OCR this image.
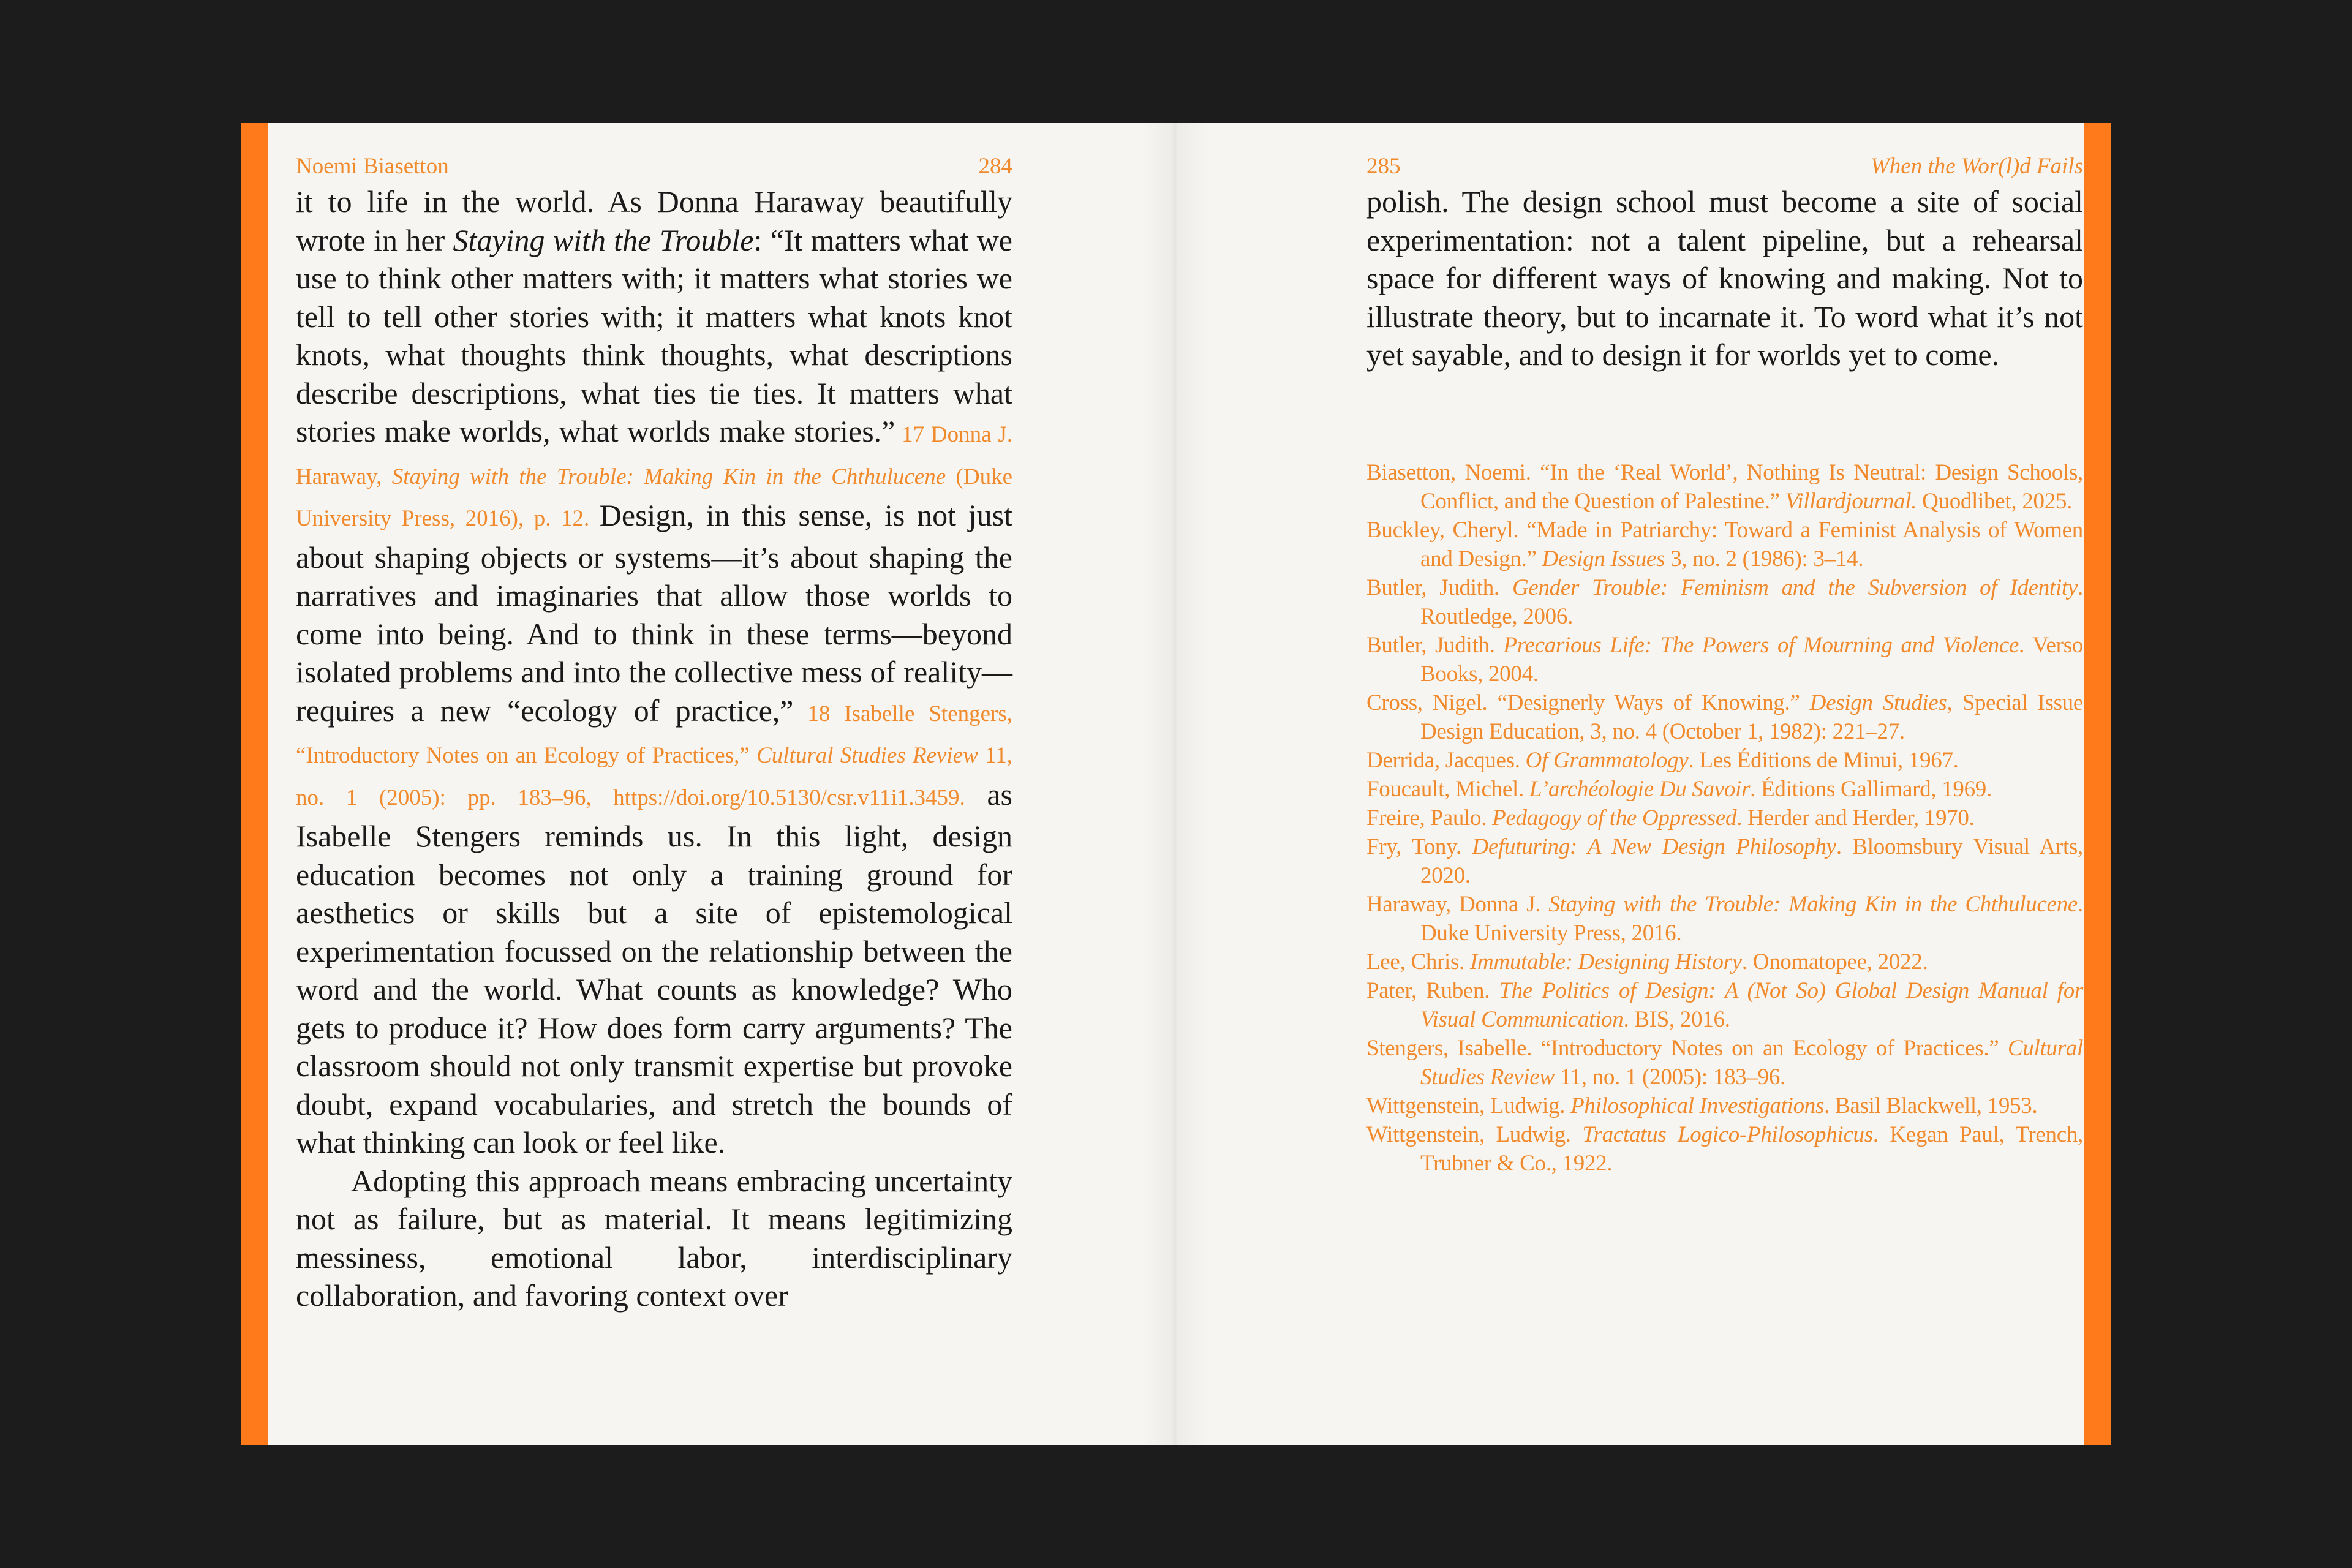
Noemi Biasetton	284

it to life in the world. As Donna Haraway beautifully wrote in her Staying with the Trouble: “It matters what we use to think other matters with; it matters what stories we tell to tell other stories with; it matters what knots knot knots, what thoughts think thoughts, what descriptions describe descriptions, what ties tie ties. It matters what stories make worlds, what worlds make stories.” 17 Donna J. Haraway, Staying with the Trouble: Making Kin in the Chthulucene (Duke University Press, 2016), p. 12. Design, in this sense, is not just about shaping objects or systems—it’s about shaping the narratives and imaginaries that allow those worlds to come into being. And to think in these terms—beyond isolated problems and into the collective mess of reality—requires a new “ecology of practice,” 18 Isabelle Stengers, “Introductory Notes on an Ecology of Practices,” Cultural Studies Review 11, no. 1 (2005): pp. 183–96, https://doi.org/10.5130/csr.v11i1.3459. as Isabelle Stengers reminds us. In this light, design education becomes not only a training ground for aesthetics or skills but a site of epistemological experimentation focussed on the relationship between the word and the world. What counts as knowledge? Who gets to produce it? How does form carry arguments? The classroom should not only transmit expertise but provoke doubt, expand vocabularies, and stretch the bounds of what thinking can look or feel like.

Adopting this approach means embracing uncertainty not as failure, but as material. It means legitimizing messiness, emotional labor, interdisciplinary collaboration, and favoring context over

285	When the Wor(l)d Fails

polish. The design school must become a site of social experimentation: not a talent pipeline, but a rehearsal space for different ways of knowing and making. Not to illustrate theory, but to incarnate it. To word what it’s not yet sayable, and to design it for worlds yet to come.

Biasetton, Noemi. “In the ‘Real World’, Nothing Is Neutral: Design Schools, Conflict, and the Question of Palestine.” Villardjournal. Quodlibet, 2025.
Buckley, Cheryl. “Made in Patriarchy: Toward a Feminist Analysis of Women and Design.” Design Issues 3, no. 2 (1986): 3–14.
Butler, Judith. Gender Trouble: Feminism and the Subversion of Identity. Routledge, 2006.
Butler, Judith. Precarious Life: The Powers of Mourning and Violence. Verso Books, 2004.
Cross, Nigel. “Designerly Ways of Knowing.” Design Studies, Special Issue Design Education, 3, no. 4 (October 1, 1982): 221–27.
Derrida, Jacques. Of Grammatology. Les Éditions de Minui, 1967.
Foucault, Michel. L’archéologie Du Savoir. Éditions Gallimard, 1969.
Freire, Paulo. Pedagogy of the Oppressed. Herder and Herder, 1970.
Fry, Tony. Defuturing: A New Design Philosophy. Bloomsbury Visual Arts, 2020.
Haraway, Donna J. Staying with the Trouble: Making Kin in the Chthulucene. Duke University Press, 2016.
Lee, Chris. Immutable: Designing History. Onomatopee, 2022.
Pater, Ruben. The Politics of Design: A (Not So) Global Design Manual for Visual Communication. BIS, 2016.
Stengers, Isabelle. “Introductory Notes on an Ecology of Practices.” Cultural Studies Review 11, no. 1 (2005): 183–96.
Wittgenstein, Ludwig. Philosophical Investigations. Basil Blackwell, 1953.
Wittgenstein, Ludwig. Tractatus Logico-Philosophicus. Kegan Paul, Trench, Trubner & Co., 1922.
